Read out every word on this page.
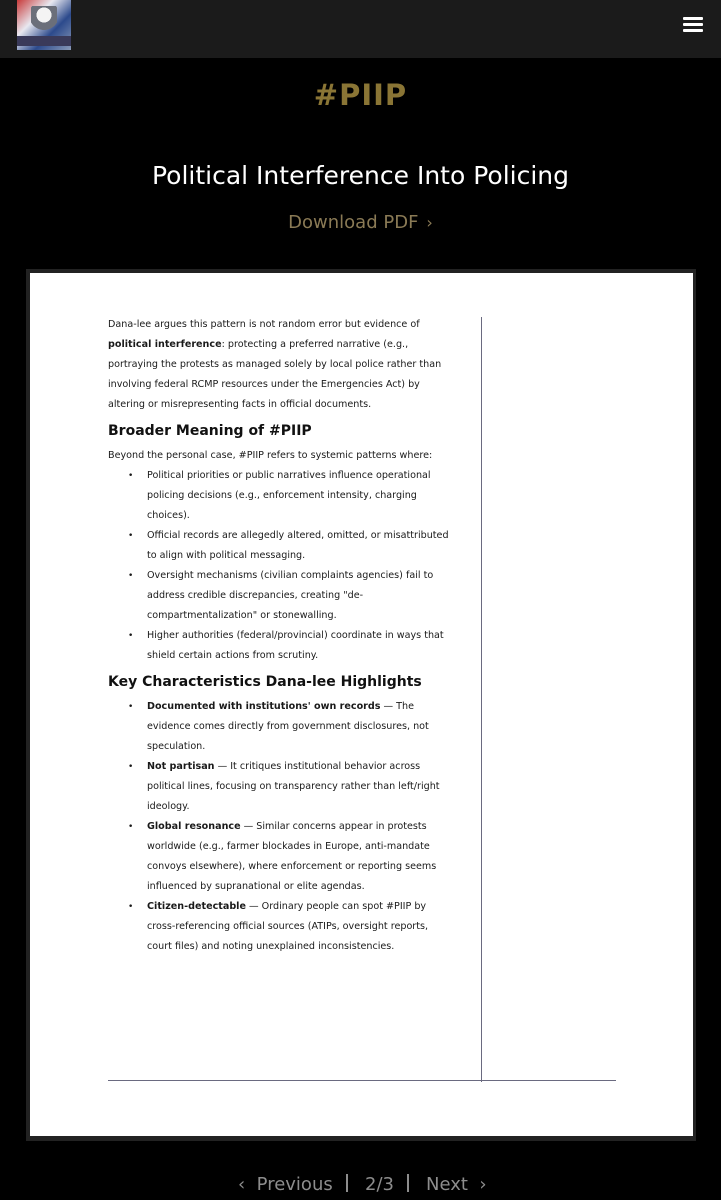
#PIIP
Political Interference Into Policing
Download PDF ›

Dana-lee argues this pattern is not random error but evidence of political interference: protecting a preferred narrative (e.g., portraying the protests as managed solely by local police rather than involving federal RCMP resources under the Emergencies Act) by altering or misrepresenting facts in official documents.

Broader Meaning of #PIIP

Beyond the personal case, #PIIP refers to systemic patterns where:

• Political priorities or public narratives influence operational policing decisions (e.g., enforcement intensity, charging choices).
• Official records are allegedly altered, omitted, or misattributed to align with political messaging.
• Oversight mechanisms (civilian complaints agencies) fail to address credible discrepancies, creating "de-compartmentalization" or stonewalling.
• Higher authorities (federal/provincial) coordinate in ways that shield certain actions from scrutiny.
Key Characteristics Dana-lee Highlights
• Documented with institutions' own records — The evidence comes directly from government disclosures, not speculation.
• Not partisan — It critiques institutional behavior across political lines, focusing on transparency rather than left/right ideology.
• Global resonance — Similar concerns appear in protests worldwide (e.g., farmer blockades in Europe, anti-mandate convoys elsewhere), where enforcement or reporting seems influenced by supranational or elite agendas.
• Citizen-detectable — Ordinary people can spot #PIIP by cross-referencing official sources (ATIPs, oversight reports, court files) and noting unexplained inconsistencies.
‹ Previous 2/3 Next ›
